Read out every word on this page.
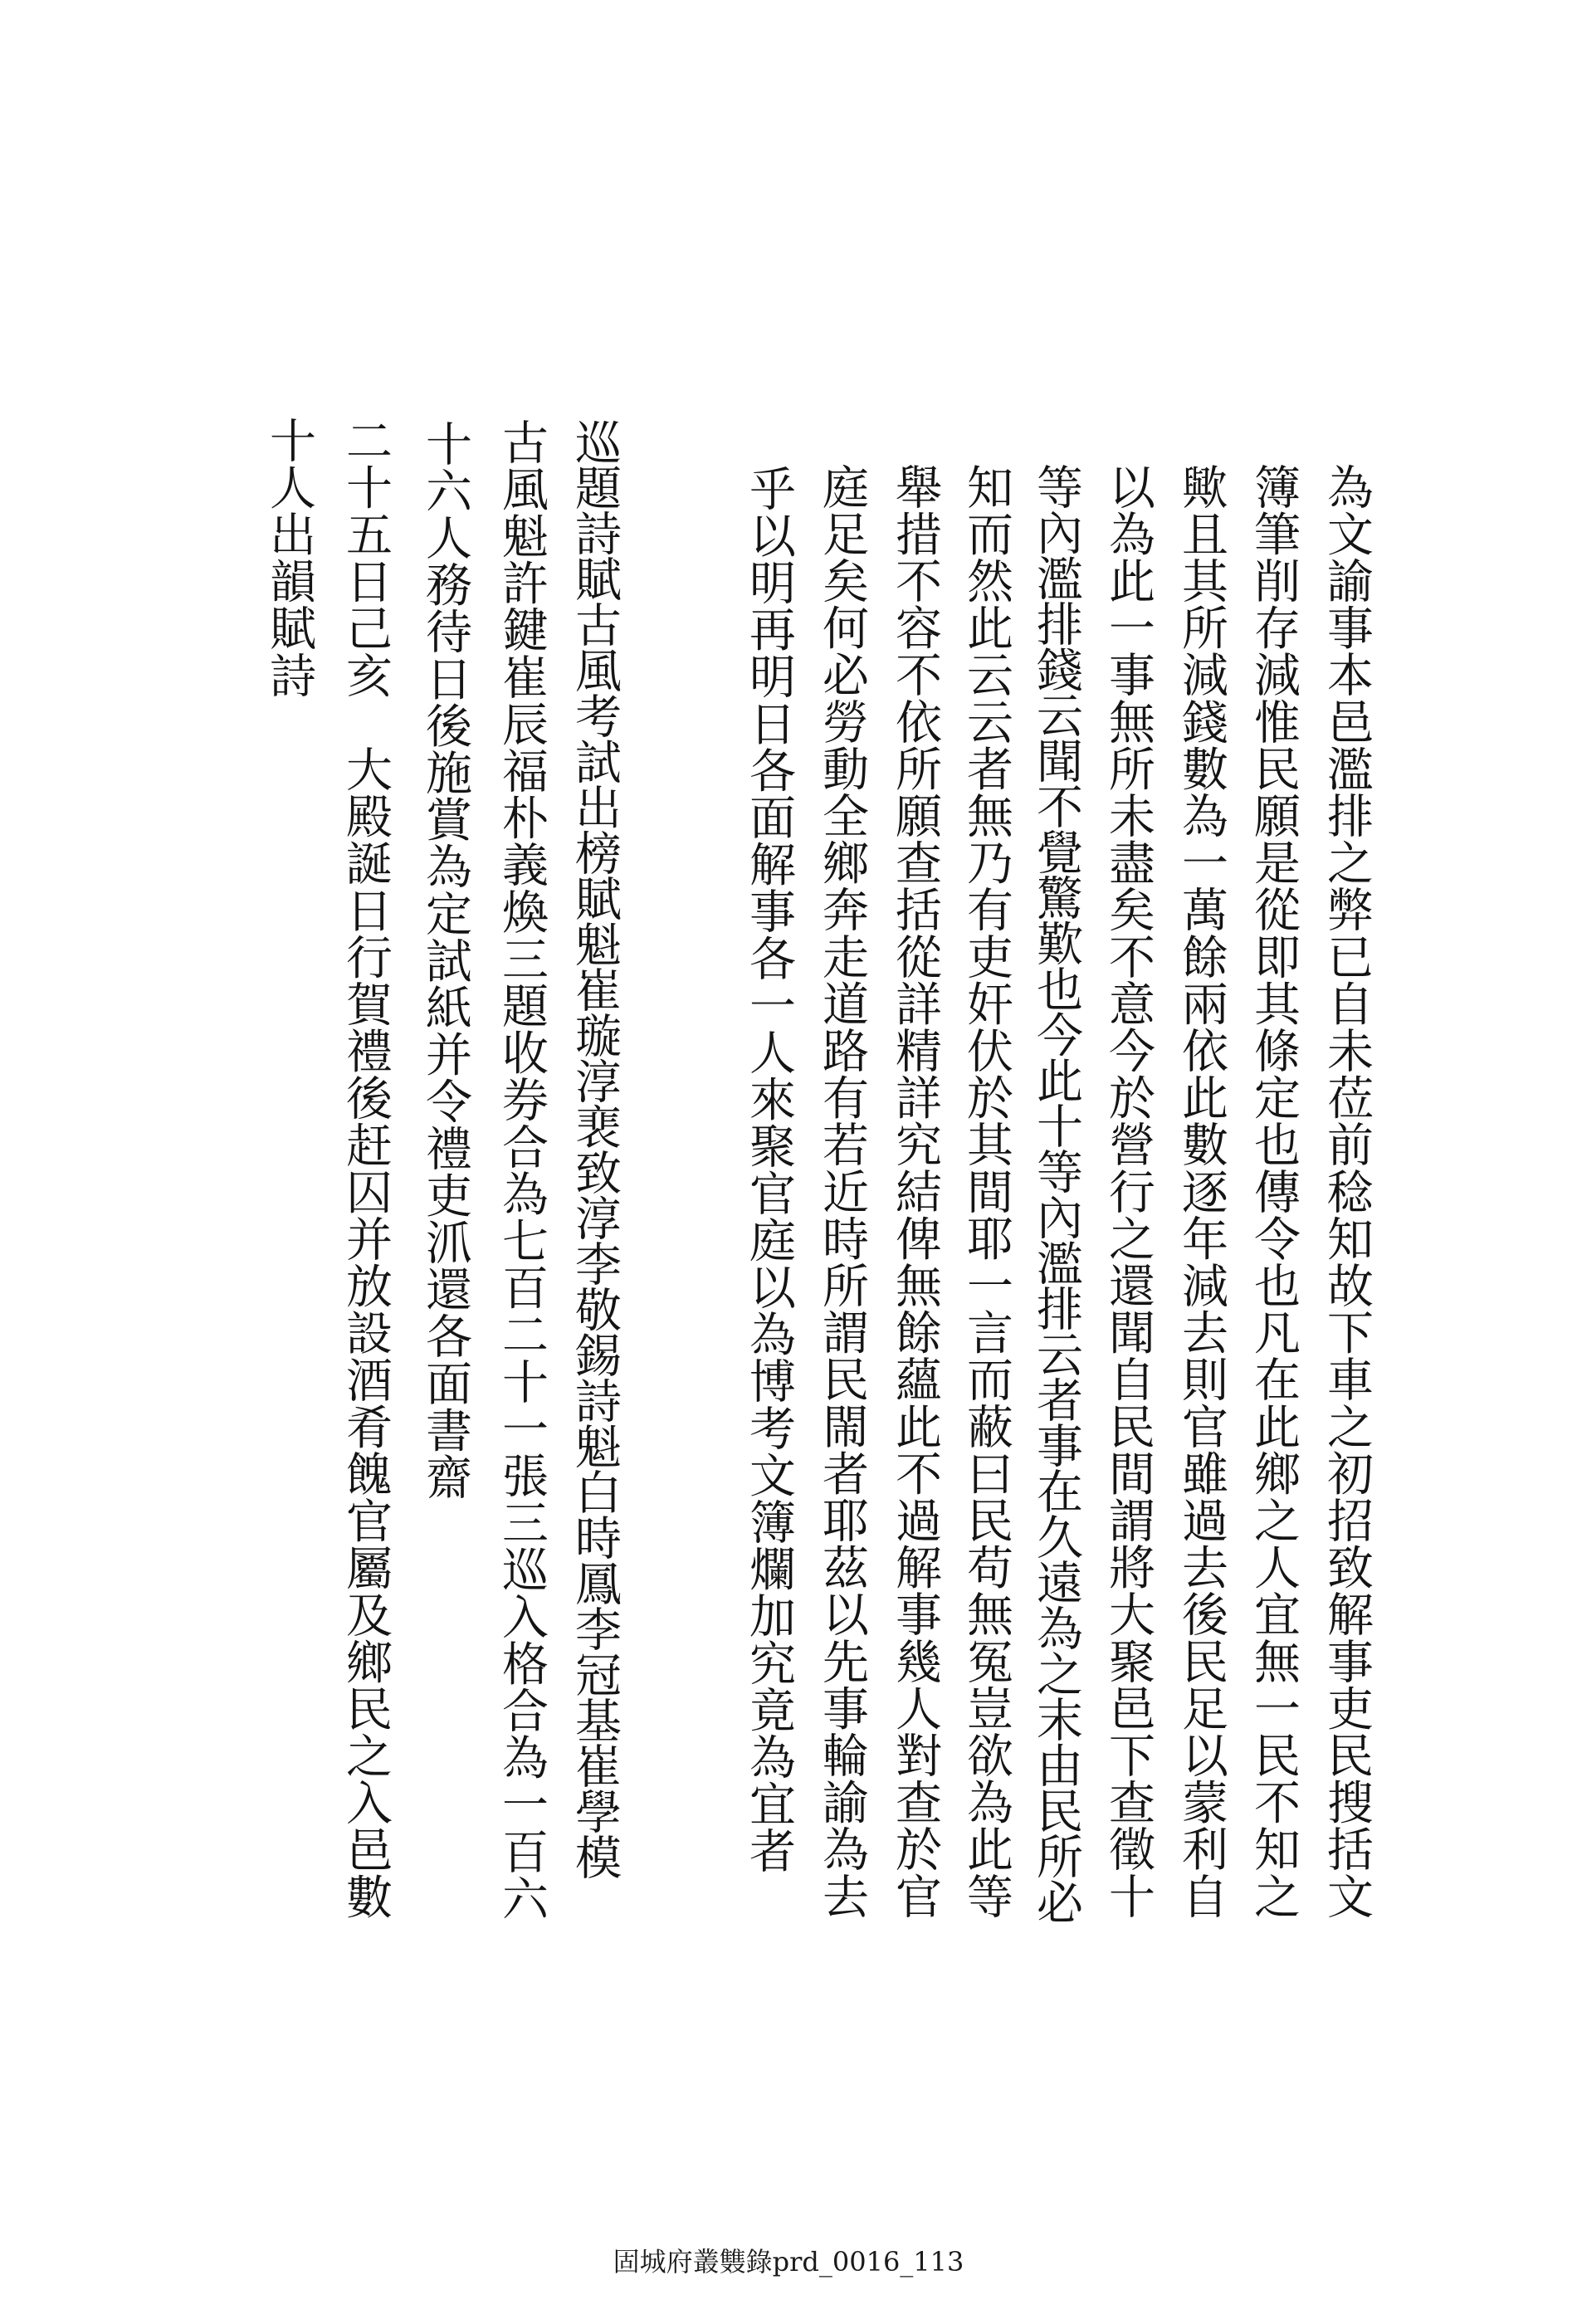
為文諭事本邑濫排之弊已自未莅前稔知故下車之初招致解事吏民搜括文
簿筆削存減惟民願是從即其條定也傳令也凡在此鄉之人宜無一民不知之
歟且其所減錢數為一萬餘兩依此數逐年減去則官雖過去後民足以蒙利自
以為此一事無所未盡矣不意今於營行之還聞自民間謂將大聚邑下查徵十
等內濫排錢云聞不覺驚歎也今此十等內濫排云者事在久遠為之末由民所必
知而然此云云者無乃有吏奸伏於其間耶一言而蔽曰民苟無冤豈欲為此等
舉措不容不依所願查括從詳精詳究結俾無餘蘊此不過解事幾人對查於官
庭足矣何必勞動全鄉奔走道路有若近時所謂民閙者耶茲以先事輪諭為去
乎以明再明日各面解事各一人來聚官庭以為博考文簿爛加究竟為宜者
巡題詩賦古風考試出榜賦魁崔璇淳裵致淳李敬錫詩魁白時鳳李冠基崔學模
古風魁許鍵崔辰福朴義煥三題收券合為七百二十一張三巡入格合為一百六
十六人務待日後施賞為定試紙并令禮吏沠還各面書齋
二十五日己亥　大殿誕日行賀禮後赶囚并放設酒肴餽官屬及鄉民之入邑數
十人出韻賦詩
固城府叢䨇錄prd_0016_113
